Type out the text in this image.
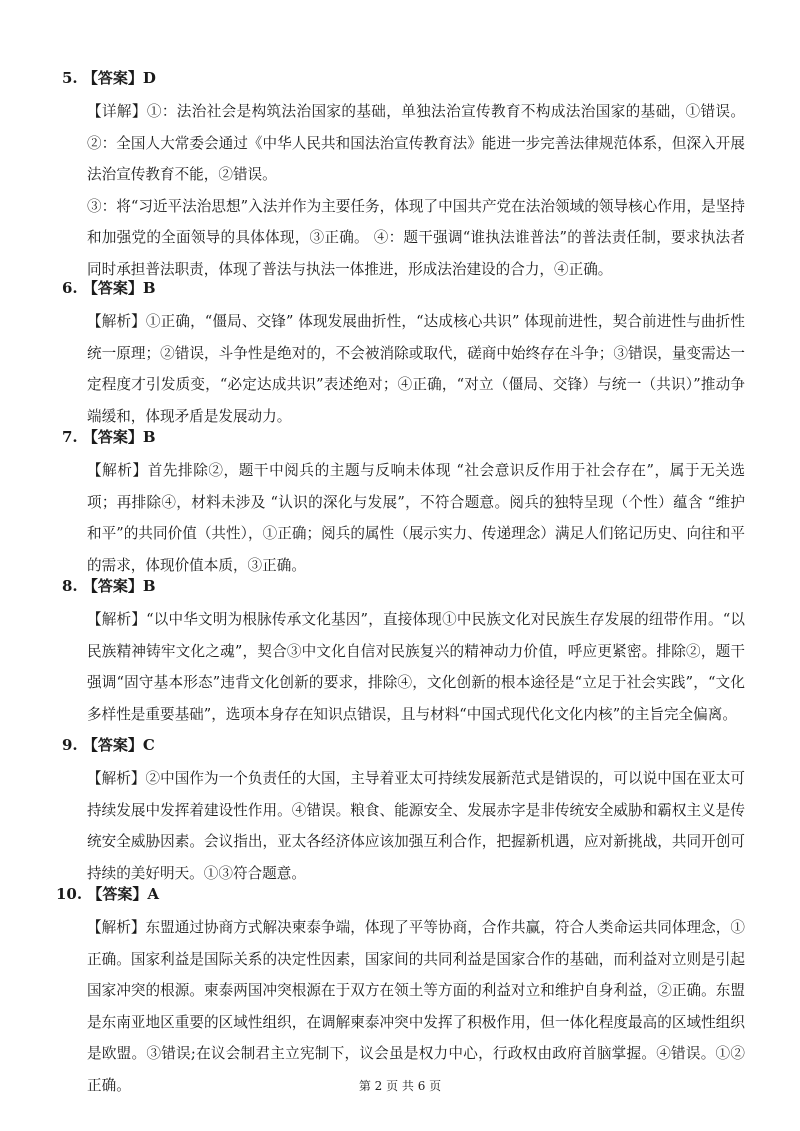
5. 【答案】D

【详解】①：法治社会是构筑法治国家的基础，单独法治宣传教育不构成法治国家的基础，①错误。②：全国人大常委会通过《中华人民共和国法治宣传教育法》能进一步完善法律规范体系，但深入开展法治宣传教育不能，②错误。

③：将“习近平法治思想”入法并作为主要任务，体现了中国共产党在法治领域的领导核心作用，是坚持和加强党的全面领导的具体体现，③正确。 ④：题干强调“谁执法谁普法”的普法责任制，要求执法者同时承担普法职责，体现了普法与执法一体推进，形成法治建设的合力，④正确。

6. 【答案】B

【解析】①正确，“僵局、交锋” 体现发展曲折性，“达成核心共识” 体现前进性，契合前进性与曲折性统一原理；②错误，斗争性是绝对的，不会被消除或取代，磋商中始终存在斗争；③错误，量变需达一定程度才引发质变，“必定达成共识”表述绝对；④正确，“对立（僵局、交锋）与统一（共识）”推动争端缓和，体现矛盾是发展动力。

7. 【答案】B

【解析】首先排除②，题干中阅兵的主题与反响未体现 “社会意识反作用于社会存在”，属于无关选项；再排除④，材料未涉及 “认识的深化与发展”，不符合题意。阅兵的独特呈现（个性）蕴含 “维护和平”的共同价值（共性），①正确；阅兵的属性（展示实力、传递理念）满足人们铭记历史、向往和平的需求，体现价值本质，③正确。

8. 【答案】B

【解析】“以中华文明为根脉传承文化基因”，直接体现①中民族文化对民族生存发展的纽带作用。“以民族精神铸牢文化之魂”，契合③中文化自信对民族复兴的精神动力价值，呼应更紧密。排除②，题干强调“固守基本形态”违背文化创新的要求，排除④，文化创新的根本途径是“立足于社会实践”，“文化多样性是重要基础”，选项本身存在知识点错误，且与材料“中国式现代化文化内核”的主旨完全偏离。

9. 【答案】C

【解析】②中国作为一个负责任的大国，主导着亚太可持续发展新范式是错误的，可以说中国在亚太可持续发展中发挥着建设性作用。④错误。粮食、能源安全、发展赤字是非传统安全威胁和霸权主义是传统安全威胁因素。会议指出，亚太各经济体应该加强互利合作，把握新机遇，应对新挑战，共同开创可持续的美好明天。①③符合题意。

10. 【答案】A

【解析】东盟通过协商方式解决柬泰争端，体现了平等协商，合作共赢，符合人类命运共同体理念，①正确。国家利益是国际关系的决定性因素，国家间的共同利益是国家合作的基础，而利益对立则是引起国家冲突的根源。柬泰两国冲突根源在于双方在领土等方面的利益对立和维护自身利益，②正确。东盟是东南亚地区重要的区域性组织，在调解柬泰冲突中发挥了积极作用，但一体化程度最高的区域性组织是欧盟。③错误;在议会制君主立宪制下，议会虽是权力中心，行政权由政府首脑掌握。④错误。①②正确。	第 2 页 共 6 页
